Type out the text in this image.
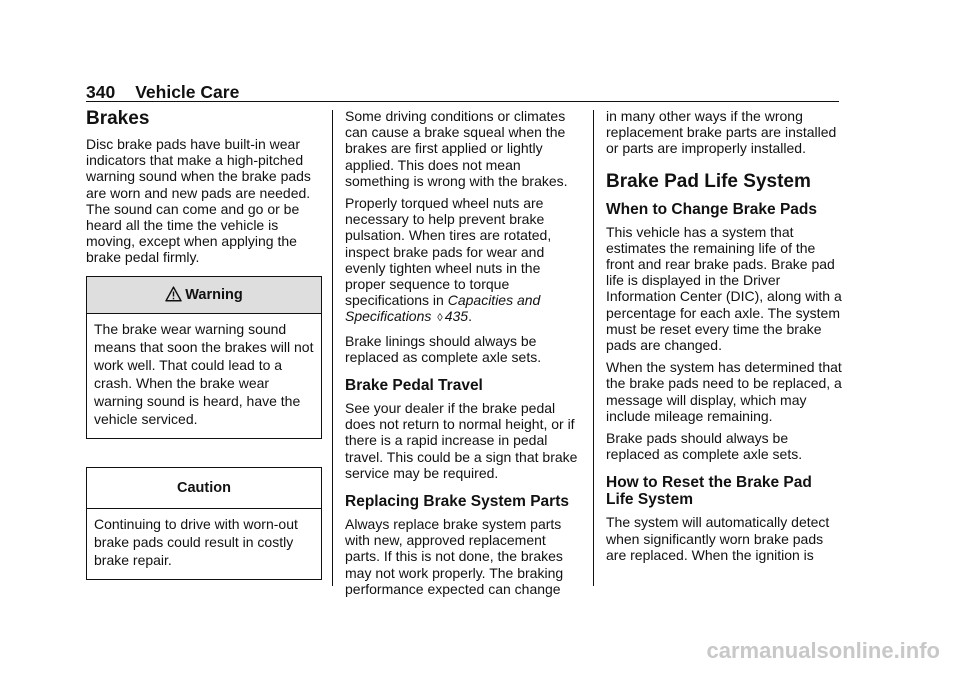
340 Vehicle Care
Brakes

Disc brake pads have built-in wear indicators that make a high-pitched warning sound when the brake pads are worn and new pads are needed. The sound can come and go or be heard all the time the vehicle is moving, except when applying the brake pedal firmly.

Warning
The brake wear warning sound means that soon the brakes will not work well. That could lead to a crash. When the brake wear warning sound is heard, have the vehicle serviced.
Caution
Continuing to drive with worn-out brake pads could result in costly brake repair.

Some driving conditions or climates can cause a brake squeal when the brakes are first applied or lightly applied. This does not mean something is wrong with the brakes.

Properly torqued wheel nuts are necessary to help prevent brake pulsation. When tires are rotated, inspect brake pads for wear and evenly tighten wheel nuts in the proper sequence to torque specifications in Capacities and Specifications ◊ 435.

Brake linings should always be replaced as complete axle sets.

Brake Pedal Travel

See your dealer if the brake pedal does not return to normal height, or if there is a rapid increase in pedal travel. This could be a sign that brake service may be required.

Replacing Brake System Parts

Always replace brake system parts with new, approved replacement parts. If this is not done, the brakes may not work properly. The braking performance expected can change

in many other ways if the wrong replacement brake parts are installed or parts are improperly installed.

Brake Pad Life System
When to Change Brake Pads

This vehicle has a system that estimates the remaining life of the front and rear brake pads. Brake pad life is displayed in the Driver Information Center (DIC), along with a percentage for each axle. The system must be reset every time the brake pads are changed.

When the system has determined that the brake pads need to be replaced, a message will display, which may include mileage remaining.

Brake pads should always be replaced as complete axle sets.

How to Reset the Brake Pad Life System

The system will automatically detect when significantly worn brake pads are replaced. When the ignition is

carmanualsonline.info
